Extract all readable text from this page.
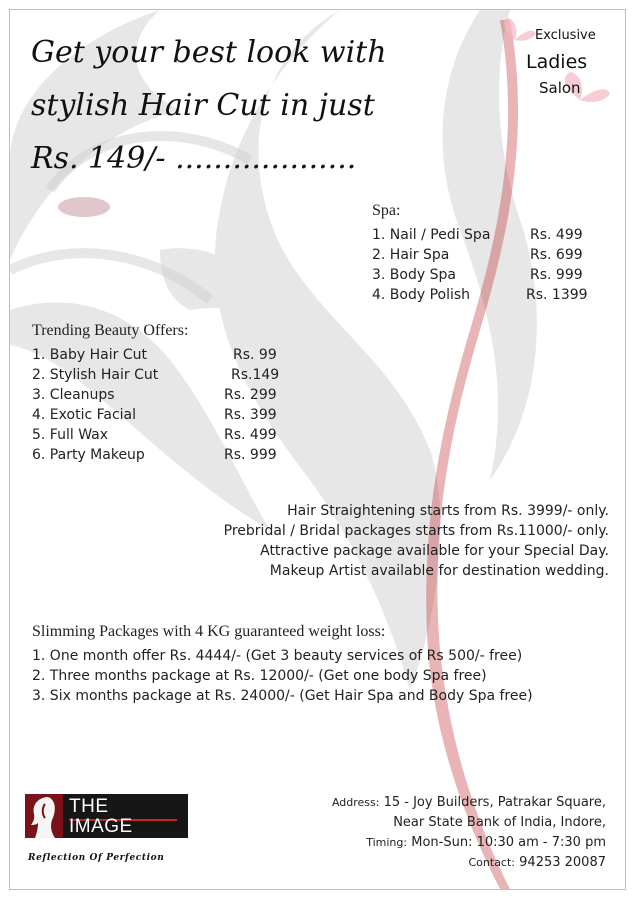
Get your best look with
stylish Hair Cut in just
Rs. 149/- ...................
Exclusive
Ladies
Salon
Spa:
1. Nail / Pedi Spa	Rs. 499
2. Hair Spa	Rs. 699
3. Body Spa	Rs. 999
4. Body Polish	Rs. 1399
Trending Beauty Offers:
1. Baby Hair Cut	Rs. 99
2. Stylish Hair Cut	Rs.149
3. Cleanups	Rs. 299
4. Exotic Facial	Rs. 399
5. Full Wax	Rs. 499
6. Party Makeup	Rs. 999
Hair Straightening starts from Rs. 3999/- only.
Prebridal / Bridal packages starts from Rs.11000/- only.
Attractive package available for your Special Day.
Makeup Artist available for destination wedding.
Slimming Packages with 4 KG guaranteed weight loss:
1. One month offer Rs. 4444/- (Get 3 beauty services of Rs 500/- free)
2. Three months package at Rs. 12000/- (Get one body Spa free)
3. Six months package at Rs. 24000/- (Get Hair Spa and Body Spa free)
THE
IMAGE
Reflection Of Perfection
Address: 15 - Joy Builders, Patrakar Square,
Near State Bank of India, Indore,
Timing: Mon-Sun: 10:30 am - 7:30 pm
Contact: 94253 20087
